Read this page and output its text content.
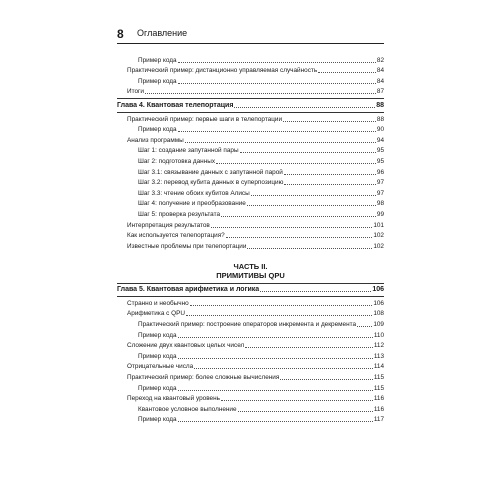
8 Оглавление
Пример кода	82
Практический пример: дистанционно управляемая случайность	84
Пример кода	84
Итоги	87
Глава 4. Квантовая телепортация	88
Практический пример: первые шаги в телепортации	88
Пример кода	90
Анализ программы	94
Шаг 1: создание запутанной пары	95
Шаг 2: подготовка данных	95
Шаг 3.1: связывание данных с запутанной парой	96
Шаг 3.2: перевод кубита данных в суперпозицию	97
Шаг 3.3: чтение обоих кубитов Алисы	97
Шаг 4: получение и преобразование	98
Шаг 5: проверка результата	99
Интерпретация результатов	101
Как используется телепортация?	102
Известные проблемы при телепортации	102
ЧАСТЬ II.
ПРИМИТИВЫ QPU
Глава 5. Квантовая арифметика и логика	106
Странно и необычно	106
Арифметика с QPU	108
Практический пример: построение операторов инкремента и декремента	109
Пример кода	110
Сложение двух квантовых целых чисел	112
Пример кода	113
Отрицательные числа	114
Практический пример: более сложные вычисления	115
Пример кода	115
Переход на квантовый уровень	116
Квантовое условное выполнение	116
Пример кода	117
